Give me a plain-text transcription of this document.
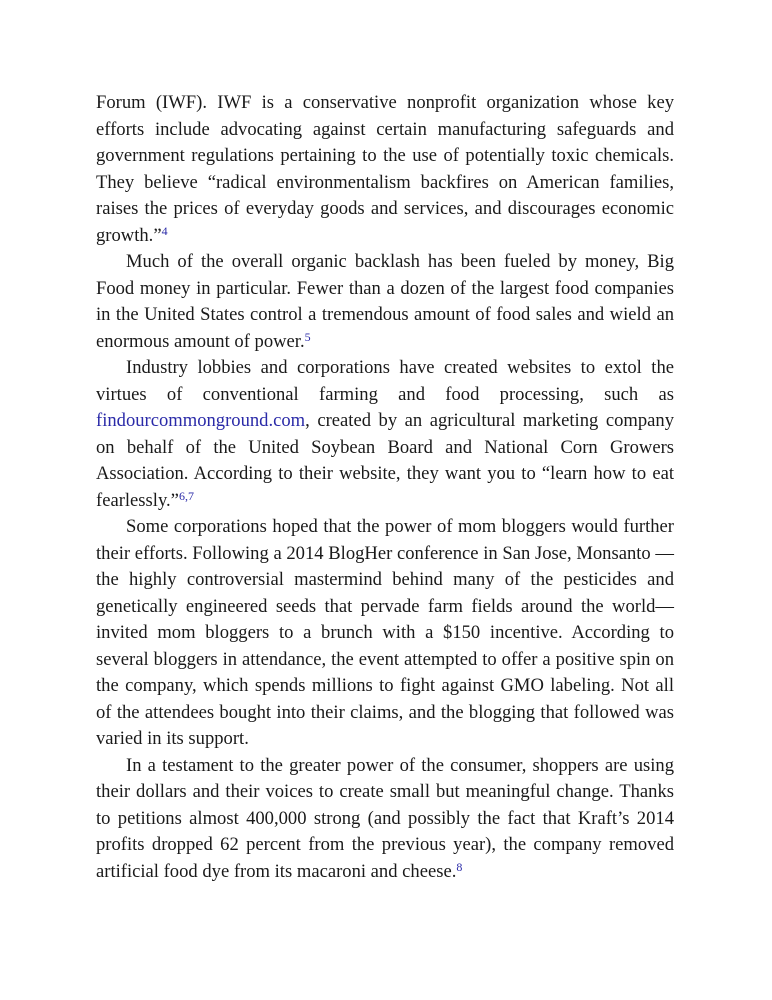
Forum (IWF). IWF is a conservative nonprofit organization whose key efforts include advocating against certain manufacturing safeguards and government regulations pertaining to the use of potentially toxic chemicals. They believe “radical environmentalism backfires on American families, raises the prices of everyday goods and services, and discourages economic growth.”$^4$

Much of the overall organic backlash has been fueled by money, Big Food money in particular. Fewer than a dozen of the largest food companies in the United States control a tremendous amount of food sales and wield an enormous amount of power.$^5$

Industry lobbies and corporations have created websites to extol the virtues of conventional farming and food processing, such as findourcommonground.com, created by an agricultural marketing company on behalf of the United Soybean Board and National Corn Growers Association. According to their website, they want you to “learn how to eat fearlessly.”$^{6,7}$

Some corporations hoped that the power of mom bloggers would further their efforts. Following a 2014 BlogHer conference in San Jose, Monsanto —the highly controversial mastermind behind many of the pesticides and genetically engineered seeds that pervade farm fields around the world—invited mom bloggers to a brunch with a $150 incentive. According to several bloggers in attendance, the event attempted to offer a positive spin on the company, which spends millions to fight against GMO labeling. Not all of the attendees bought into their claims, and the blogging that followed was varied in its support.

In a testament to the greater power of the consumer, shoppers are using their dollars and their voices to create small but meaningful change. Thanks to petitions almost 400,000 strong (and possibly the fact that Kraft’s 2014 profits dropped 62 percent from the previous year), the company removed artificial food dye from its macaroni and cheese.$^8$
